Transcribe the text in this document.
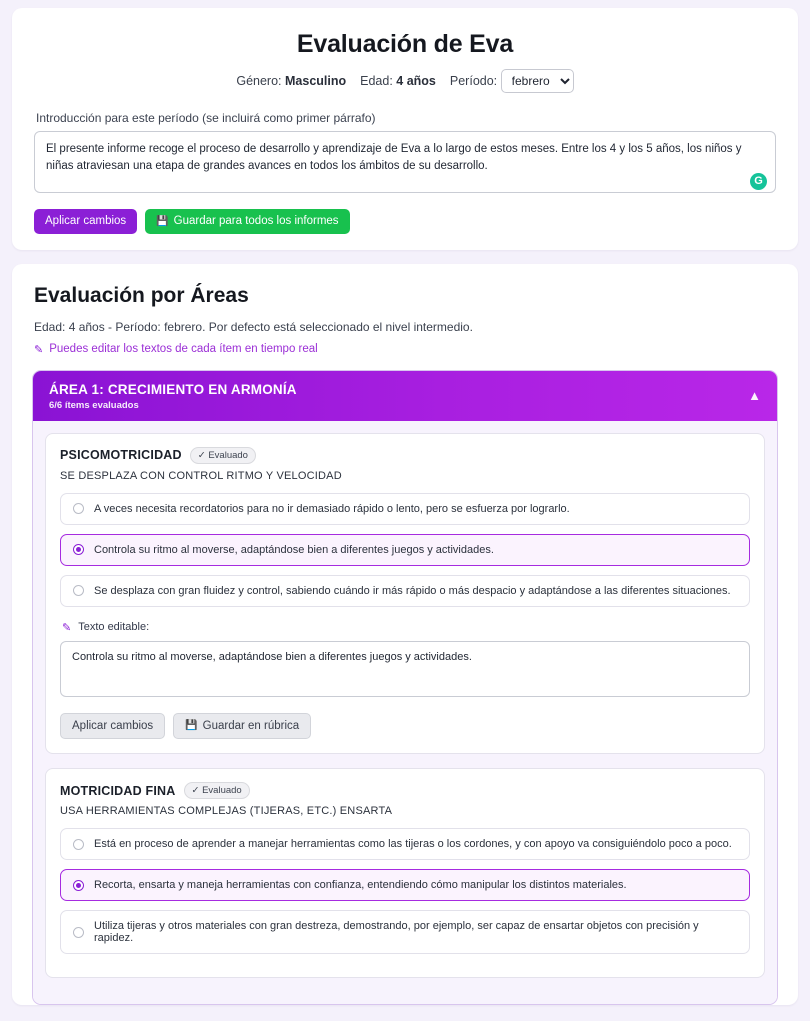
Evaluación de Eva
Género: Masculino Edad: 4 años Período:
febrero
Introducción para este período (se incluirá como primer párrafo)
El presente informe recoge el proceso de desarrollo y aprendizaje de Eva a lo largo de estos meses. Entre los 4 y los 5 años, los niños y niñas atraviesan una etapa de grandes avances en todos los ámbitos de su desarrollo.
G
Aplicar cambios	💾 Guardar para todos los informes
Evaluación por Áreas
Edad: 4 años - Período: febrero. Por defecto está seleccionado el nivel intermedio.
✎ Puedes editar los textos de cada ítem en tiempo real
ÁREA 1: CRECIMIENTO EN ARMONÍA
6/6 ítems evaluados
▲
PSICOMOTRICIDAD	✓ Evaluado
SE DESPLAZA CON CONTROL RITMO Y VELOCIDAD
A veces necesita recordatorios para no ir demasiado rápido o lento, pero se esfuerza por lograrlo.
Controla su ritmo al moverse, adaptándose bien a diferentes juegos y actividades.
Se desplaza con gran fluidez y control, sabiendo cuándo ir más rápido o más despacio y adaptándose a las diferentes situaciones.
✎ Texto editable:
Controla su ritmo al moverse, adaptándose bien a diferentes juegos y actividades.
Aplicar cambios	💾 Guardar en rúbrica
MOTRICIDAD FINA	✓ Evaluado
USA HERRAMIENTAS COMPLEJAS (TIJERAS, ETC.) ENSARTA
Está en proceso de aprender a manejar herramientas como las tijeras o los cordones, y con apoyo va consiguiéndolo poco a poco.
Recorta, ensarta y maneja herramientas con confianza, entendiendo cómo manipular los distintos materiales.
Utiliza tijeras y otros materiales con gran destreza, demostrando, por ejemplo, ser capaz de ensartar objetos con precisión y rapidez.
